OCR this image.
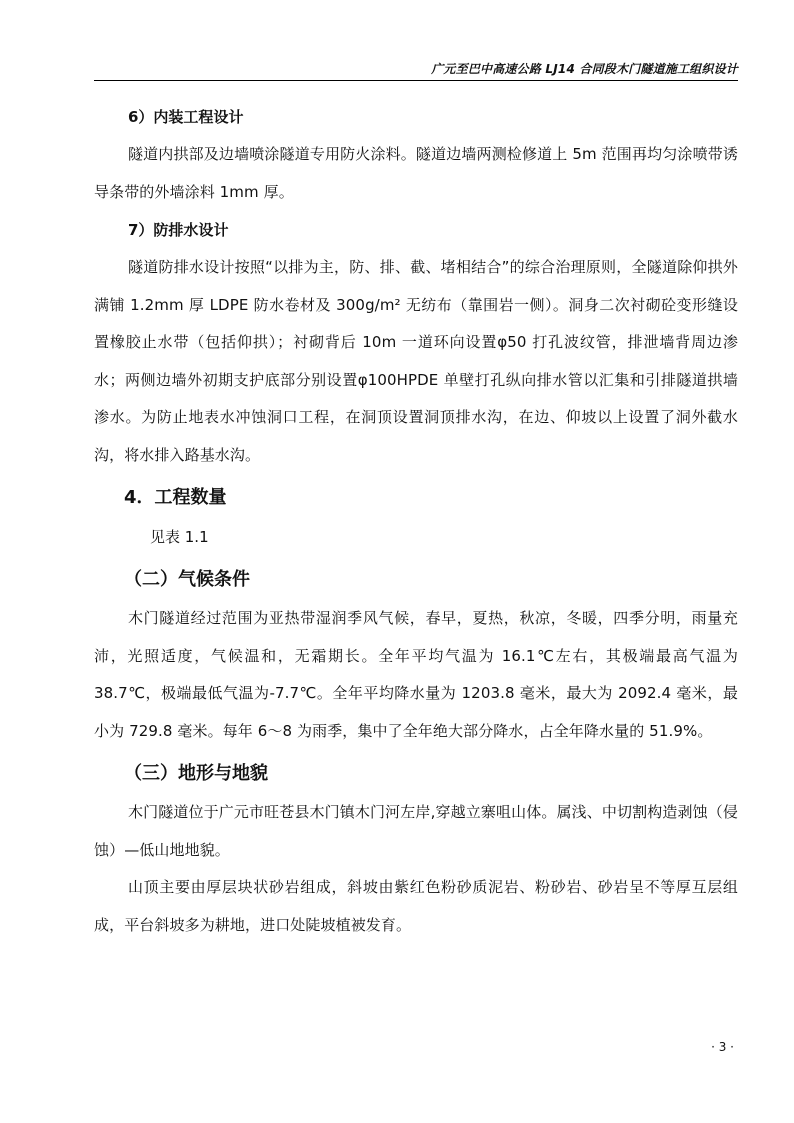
广元至巴中高速公路 LJ14 合同段木门隧道施工组织设计

6）内装工程设计

隧道内拱部及边墙喷涂隧道专用防火涂料。隧道边墙两测检修道上 5m 范围再均匀涂喷带诱导条带的外墙涂料 1mm 厚。

7）防排水设计

隧道防排水设计按照“以排为主，防、排、截、堵相结合”的综合治理原则，全隧道除仰拱外满铺 1.2mm 厚 LDPE 防水卷材及 300g/m² 无纺布（靠围岩一侧）。洞身二次衬砌砼变形缝设置橡胶止水带（包括仰拱）；衬砌背后 10m 一道环向设置φ50 打孔波纹管，排泄墙背周边渗水；两侧边墙外初期支护底部分别设置φ100HPDE 单壁打孔纵向排水管以汇集和引排隧道拱墙渗水。为防止地表水冲蚀洞口工程，在洞顶设置洞顶排水沟，在边、仰坡以上设置了洞外截水沟，将水排入路基水沟。

4．工程数量

见表 1.1

（二）气候条件

木门隧道经过范围为亚热带湿润季风气候，春早，夏热，秋凉，冬暖，四季分明，雨量充沛，光照适度，气候温和，无霜期长。全年平均气温为 16.1℃左右，其极端最高气温为 38.7℃，极端最低气温为-7.7℃。全年平均降水量为 1203.8 毫米，最大为 2092.4 毫米，最小为 729.8 毫米。每年 6～8 为雨季，集中了全年绝大部分降水，占全年降水量的 51.9%。

（三）地形与地貌

木门隧道位于广元市旺苍县木门镇木门河左岸,穿越立寨咀山体。属浅、中切割构造剥蚀（侵蚀）—低山地地貌。

山顶主要由厚层块状砂岩组成，斜坡由紫红色粉砂质泥岩、粉砂岩、砂岩呈不等厚互层组成，平台斜坡多为耕地，进口处陡坡植被发育。

· 3 ·
